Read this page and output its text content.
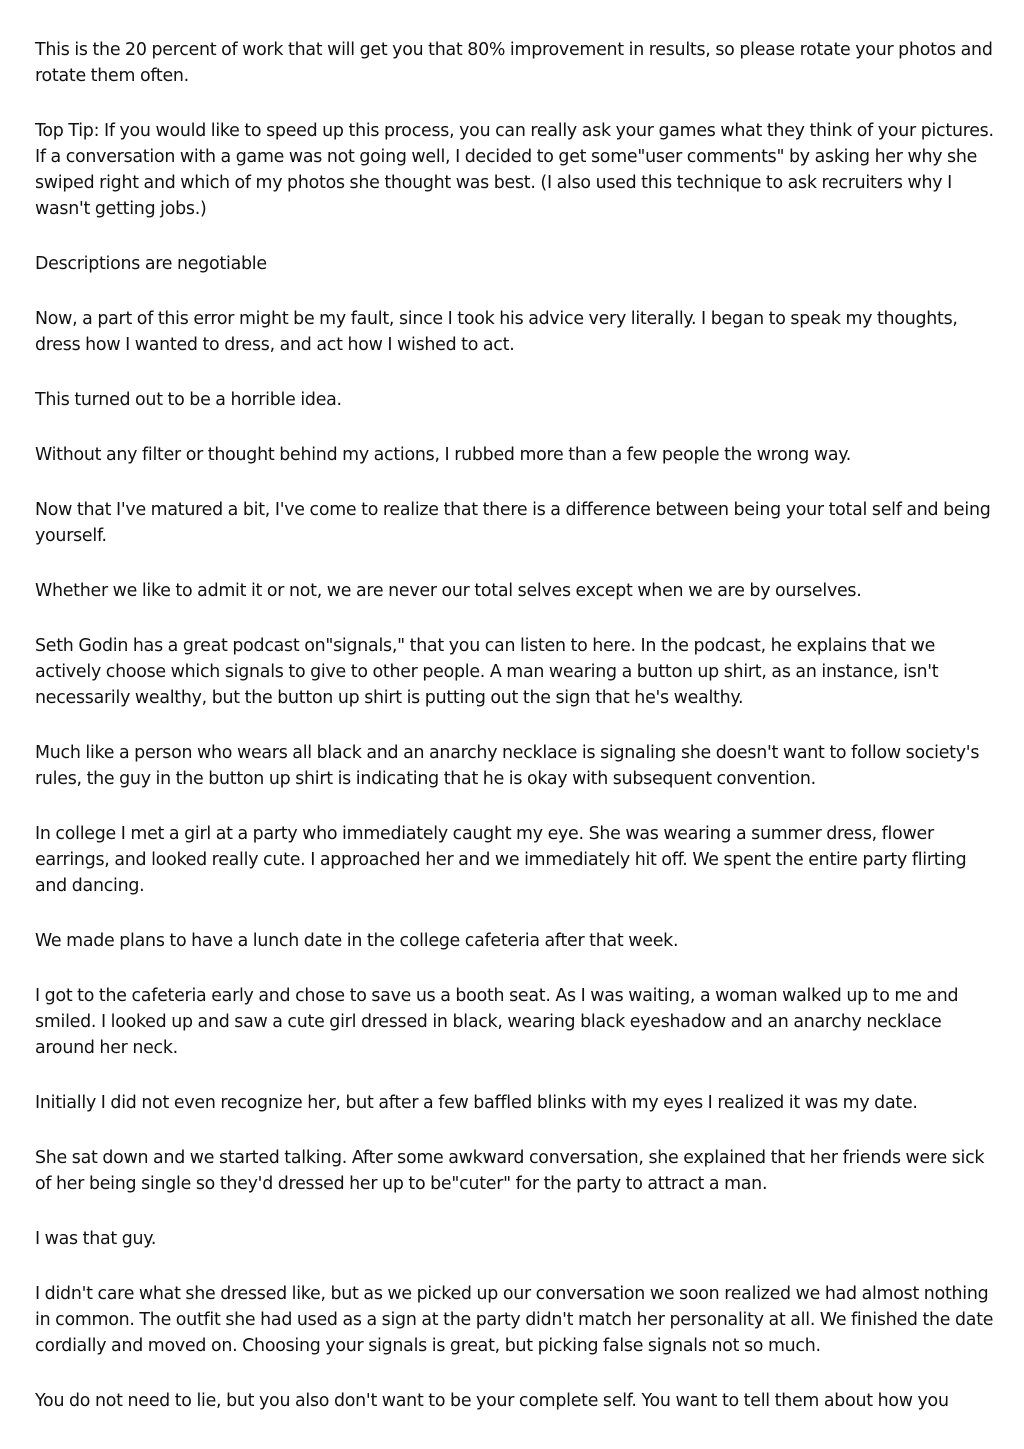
This is the 20 percent of work that will get you that 80% improvement in results, so please rotate your photos and rotate them often.

Top Tip: If you would like to speed up this process, you can really ask your games what they think of your pictures. If a conversation with a game was not going well, I decided to get some"user comments" by asking her why she swiped right and which of my photos she thought was best. (I also used this technique to ask recruiters why I wasn't getting jobs.)

Descriptions are negotiable

Now, a part of this error might be my fault, since I took his advice very literally. I began to speak my thoughts, dress how I wanted to dress, and act how I wished to act.

This turned out to be a horrible idea.

Without any filter or thought behind my actions, I rubbed more than a few people the wrong way.

Now that I've matured a bit, I've come to realize that there is a difference between being your total self and being yourself.

Whether we like to admit it or not, we are never our total selves except when we are by ourselves.

Seth Godin has a great podcast on"signals," that you can listen to here. In the podcast, he explains that we actively choose which signals to give to other people. A man wearing a button up shirt, as an instance, isn't necessarily wealthy, but the button up shirt is putting out the sign that he's wealthy.

Much like a person who wears all black and an anarchy necklace is signaling she doesn't want to follow society's rules, the guy in the button up shirt is indicating that he is okay with subsequent convention.

In college I met a girl at a party who immediately caught my eye. She was wearing a summer dress, flower earrings, and looked really cute. I approached her and we immediately hit off. We spent the entire party flirting and dancing.

We made plans to have a lunch date in the college cafeteria after that week.

I got to the cafeteria early and chose to save us a booth seat. As I was waiting, a woman walked up to me and smiled. I looked up and saw a cute girl dressed in black, wearing black eyeshadow and an anarchy necklace around her neck.

Initially I did not even recognize her, but after a few baffled blinks with my eyes I realized it was my date.

She sat down and we started talking. After some awkward conversation, she explained that her friends were sick of her being single so they'd dressed her up to be"cuter" for the party to attract a man.

I was that guy.

I didn't care what she dressed like, but as we picked up our conversation we soon realized we had almost nothing in common. The outfit she had used as a sign at the party didn't match her personality at all. We finished the date cordially and moved on. Choosing your signals is great, but picking false signals not so much.

You do not need to lie, but you also don't want to be your complete self. You want to tell them about how you
